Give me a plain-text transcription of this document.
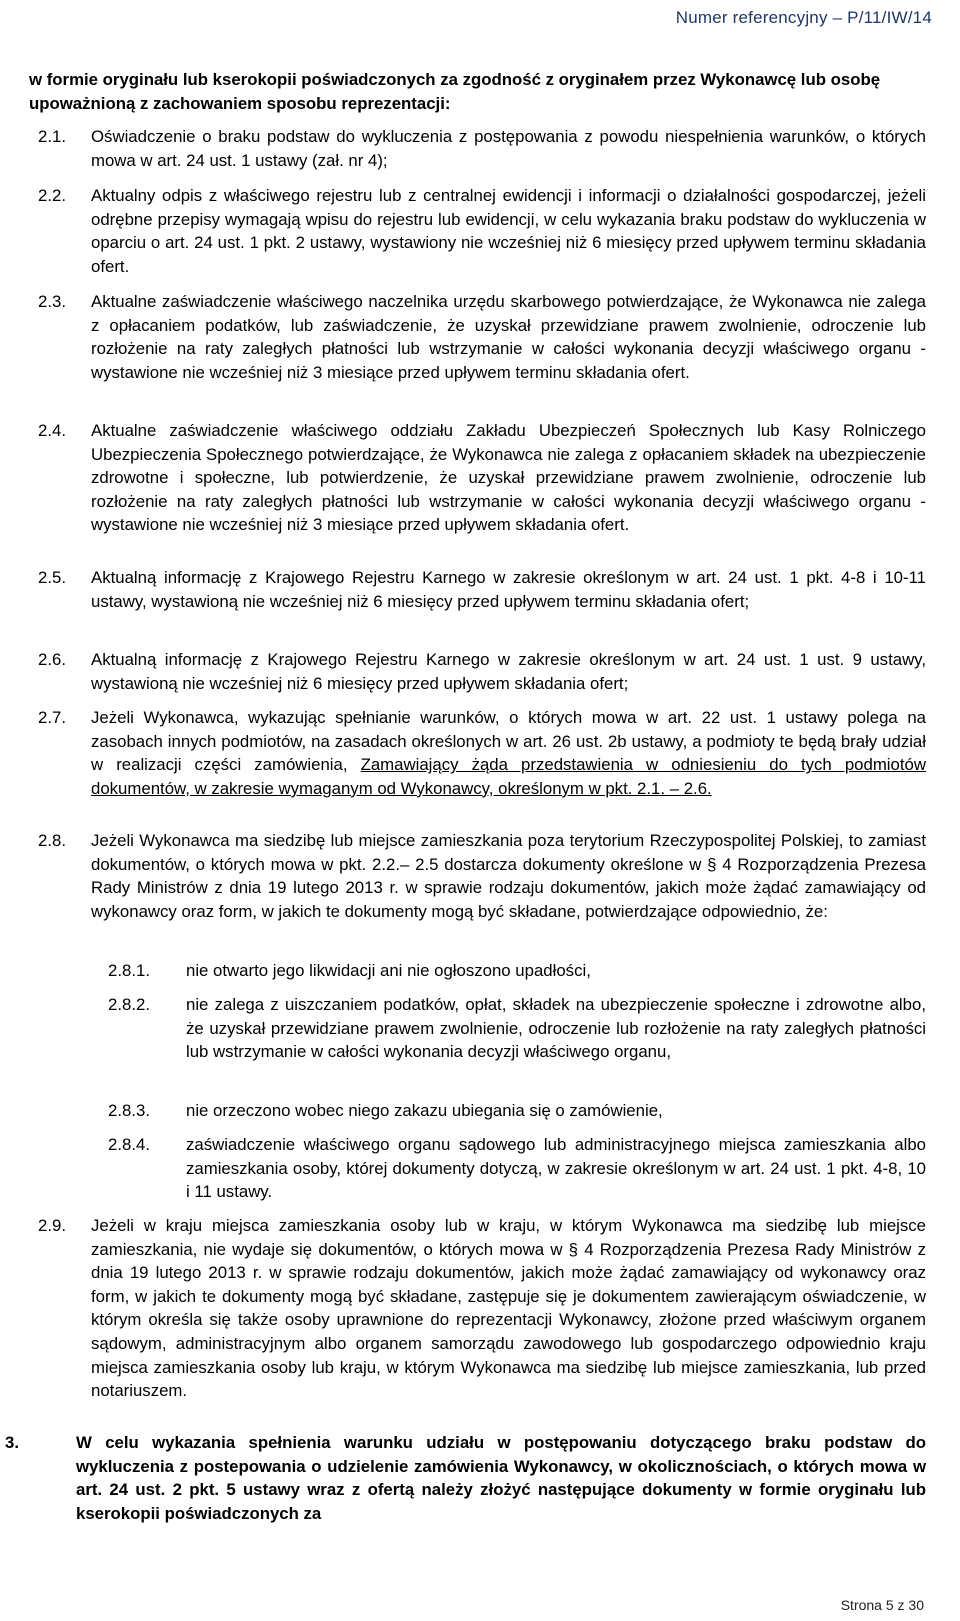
Numer referencyjny – P/11/IW/14

w formie oryginału lub kserokopii poświadczonych za zgodność z oryginałem przez Wykonawcę lub osobę upoważnioną z zachowaniem sposobu reprezentacji:

2.1.	Oświadczenie o braku podstaw do wykluczenia z postępowania z powodu niespełnienia warunków, o których mowa w art. 24 ust. 1 ustawy (zał. nr 4);
2.2.	Aktualny odpis z właściwego rejestru lub z centralnej ewidencji i informacji o działalności gospodarczej, jeżeli odrębne przepisy wymagają wpisu do rejestru lub ewidencji, w celu wykazania braku podstaw do wykluczenia w oparciu o art. 24 ust. 1 pkt. 2 ustawy, wystawiony nie wcześniej niż 6 miesięcy przed upływem terminu składania ofert.
2.3.	Aktualne zaświadczenie właściwego naczelnika urzędu skarbowego potwierdzające, że Wykonawca nie zalega z opłacaniem podatków, lub zaświadczenie, że uzyskał przewidziane prawem zwolnienie, odroczenie lub rozłożenie na raty zaległych płatności lub wstrzymanie w całości wykonania decyzji właściwego organu - wystawione nie wcześniej niż 3 miesiące przed upływem terminu składania ofert.
2.4.	Aktualne zaświadczenie właściwego oddziału Zakładu Ubezpieczeń Społecznych lub Kasy Rolniczego Ubezpieczenia Społecznego potwierdzające, że Wykonawca nie zalega z opłacaniem składek na ubezpieczenie zdrowotne i społeczne, lub potwierdzenie, że uzyskał przewidziane prawem zwolnienie, odroczenie lub rozłożenie na raty zaległych płatności lub wstrzymanie w całości wykonania decyzji właściwego organu - wystawione nie wcześniej niż 3 miesiące przed upływem składania ofert.
2.5.	Aktualną informację z Krajowego Rejestru Karnego w zakresie określonym w art. 24 ust. 1 pkt. 4-8 i 10-11 ustawy, wystawioną nie wcześniej niż 6 miesięcy przed upływem terminu składania ofert;
2.6.	Aktualną informację z Krajowego Rejestru Karnego w zakresie określonym w art. 24 ust. 1 ust. 9 ustawy, wystawioną nie wcześniej niż 6 miesięcy przed upływem składania ofert;
2.7.	Jeżeli Wykonawca, wykazując spełnianie warunków, o których mowa w art. 22 ust. 1 ustawy polega na zasobach innych podmiotów, na zasadach określonych w art. 26 ust. 2b ustawy, a podmioty te będą brały udział w realizacji części zamówienia, Zamawiający żąda przedstawienia w odniesieniu do tych podmiotów dokumentów, w zakresie wymaganym od Wykonawcy, określonym w pkt. 2.1. – 2.6.
2.8.	Jeżeli Wykonawca ma siedzibę lub miejsce zamieszkania poza terytorium Rzeczypospolitej Polskiej, to zamiast dokumentów, o których mowa w pkt. 2.2.– 2.5 dostarcza dokumenty określone w § 4 Rozporządzenia Prezesa Rady Ministrów z dnia 19 lutego 2013 r. w sprawie rodzaju dokumentów, jakich może żądać zamawiający od wykonawcy oraz form, w jakich te dokumenty mogą być składane, potwierdzające odpowiednio, że:
2.8.1.	nie otwarto jego likwidacji ani nie ogłoszono upadłości,
2.8.2.	nie zalega z uiszczaniem podatków, opłat, składek na ubezpieczenie społeczne i zdrowotne albo, że uzyskał przewidziane prawem zwolnienie, odroczenie lub rozłożenie na raty zaległych płatności lub wstrzymanie w całości wykonania decyzji właściwego organu,
2.8.3.	nie orzeczono wobec niego zakazu ubiegania się o zamówienie,
2.8.4.	zaświadczenie właściwego organu sądowego lub administracyjnego miejsca zamieszkania albo zamieszkania osoby, której dokumenty dotyczą, w zakresie określonym w art. 24 ust. 1 pkt. 4-8, 10 i 11 ustawy.
2.9.	Jeżeli w kraju miejsca zamieszkania osoby lub w kraju, w którym Wykonawca ma siedzibę lub miejsce zamieszkania, nie wydaje się dokumentów, o których mowa w § 4 Rozporządzenia Prezesa Rady Ministrów z dnia 19 lutego 2013 r. w sprawie rodzaju dokumentów, jakich może żądać zamawiający od wykonawcy oraz form, w jakich te dokumenty mogą być składane, zastępuje się je dokumentem zawierającym oświadczenie, w którym określa się także osoby uprawnione do reprezentacji Wykonawcy, złożone przed właściwym organem sądowym, administracyjnym albo organem samorządu zawodowego lub gospodarczego odpowiednio kraju miejsca zamieszkania osoby lub kraju, w którym Wykonawca ma siedzibę lub miejsce zamieszkania, lub przed notariuszem.
3.	W celu wykazania spełnienia warunku udziału w postępowaniu dotyczącego braku podstaw do wykluczenia z postepowania o udzielenie zamówienia Wykonawcy, w okolicznościach, o których mowa w art. 24 ust. 2 pkt. 5 ustawy wraz z ofertą należy złożyć następujące dokumenty w formie oryginału lub kserokopii poświadczonych za
Strona 5 z 30
